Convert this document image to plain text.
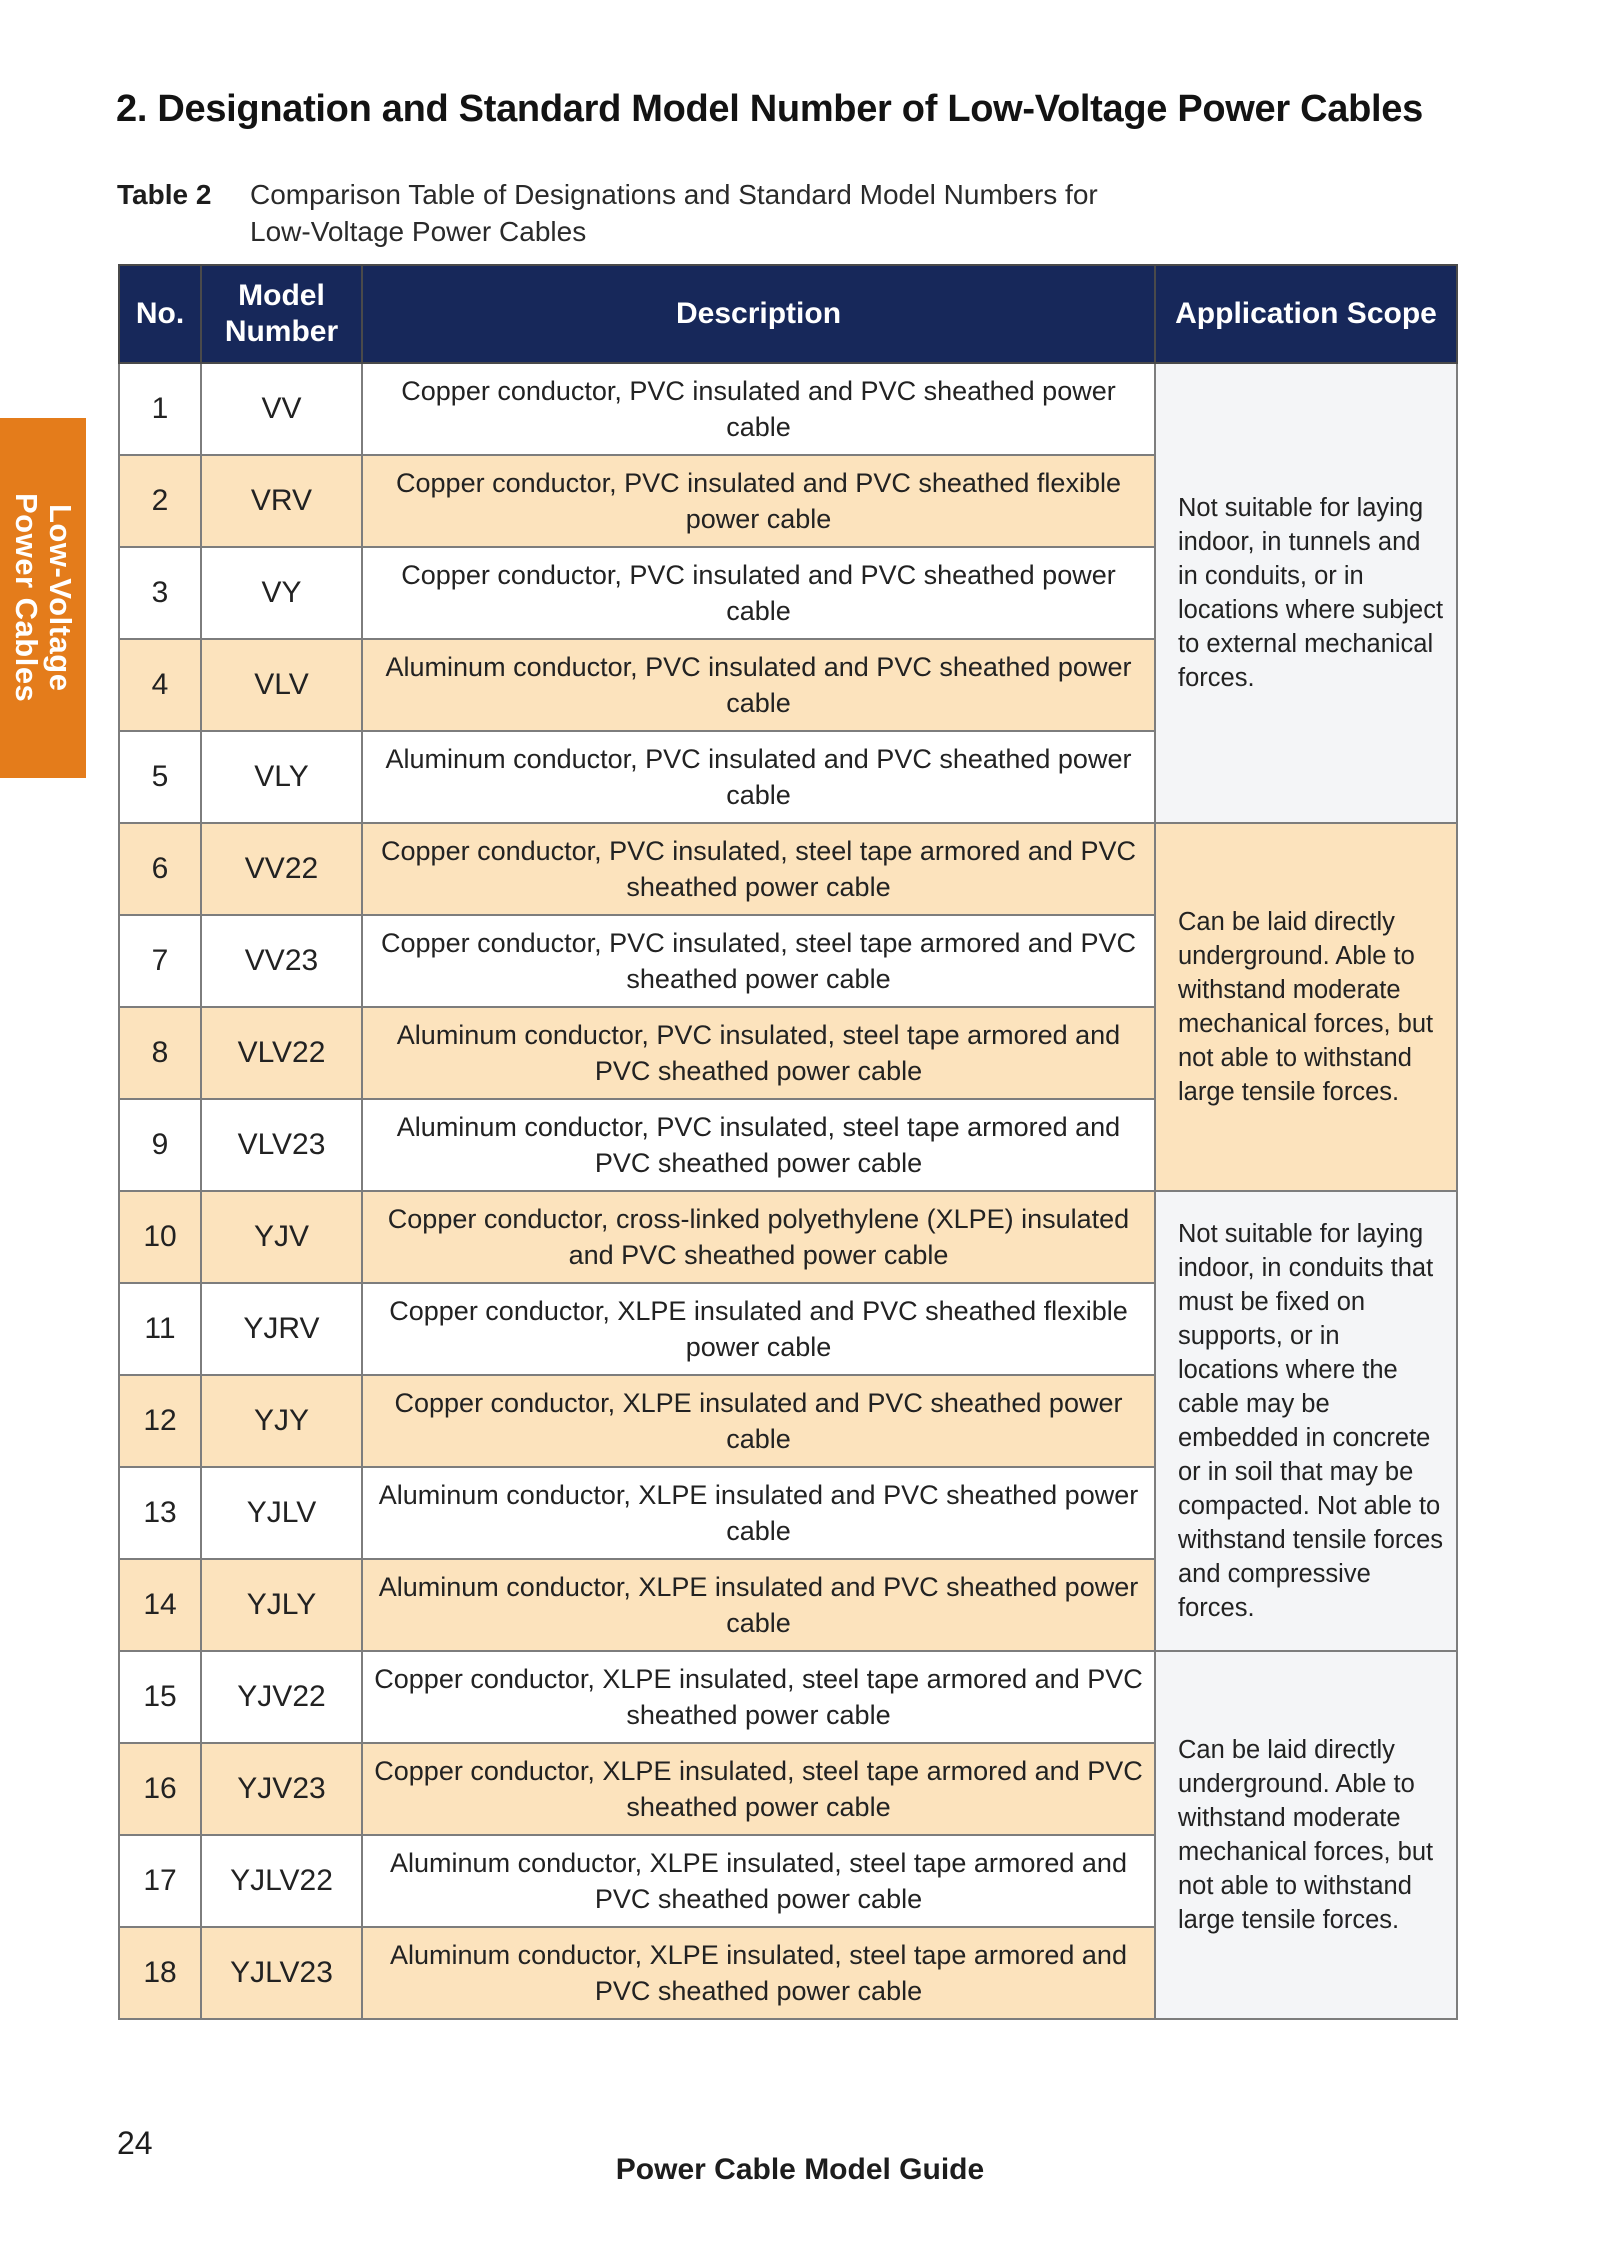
Low-Voltage
Power Cables
2. Designation and Standard Model Number of Low-Voltage Power Cables
Table 2	Comparison Table of Designations and Standard Model Numbers for Low-Voltage Power Cables
No.	Model Number	Description	Application Scope
1	VV	Copper conductor, PVC insulated and PVC sheathed power cable	Not suitable for laying indoor, in tunnels and in conduits, or in locations where subject to external mechanical forces.
2	VRV	Copper conductor, PVC insulated and PVC sheathed flexible power cable	
3	VY	Copper conductor, PVC insulated and PVC sheathed power cable	
4	VLV	Aluminum conductor, PVC insulated and PVC sheathed power cable	
5	VLY	Aluminum conductor, PVC insulated and PVC sheathed power cable	
6	VV22	Copper conductor, PVC insulated, steel tape armored and PVC sheathed power cable	Can be laid directly underground. Able to withstand moderate mechanical forces, but not able to withstand large tensile forces.
7	VV23	Copper conductor, PVC insulated, steel tape armored and PVC sheathed power cable	
8	VLV22	Aluminum conductor, PVC insulated, steel tape armored and PVC sheathed power cable	
9	VLV23	Aluminum conductor, PVC insulated, steel tape armored and PVC sheathed power cable	
10	YJV	Copper conductor, cross-linked polyethylene (XLPE) insulated and PVC sheathed power cable	Not suitable for laying indoor, in conduits that must be fixed on supports, or in locations where the cable may be embedded in concrete or in soil that may be compacted. Not able to withstand tensile forces and compressive forces.
11	YJRV	Copper conductor, XLPE insulated and PVC sheathed flexible power cable	
12	YJY	Copper conductor, XLPE insulated and PVC sheathed power cable	
13	YJLV	Aluminum conductor, XLPE insulated and PVC sheathed power cable	
14	YJLY	Aluminum conductor, XLPE insulated and PVC sheathed power cable	
15	YJV22	Copper conductor, XLPE insulated, steel tape armored and PVC sheathed power cable	Can be laid directly underground. Able to withstand moderate mechanical forces, but not able to withstand large tensile forces.
16	YJV23	Copper conductor, XLPE insulated, steel tape armored and PVC sheathed power cable	
17	YJLV22	Aluminum conductor, XLPE insulated, steel tape armored and PVC sheathed power cable	
18	YJLV23	Aluminum conductor, XLPE insulated, steel tape armored and PVC sheathed power cable	
24
Power Cable Model Guide
